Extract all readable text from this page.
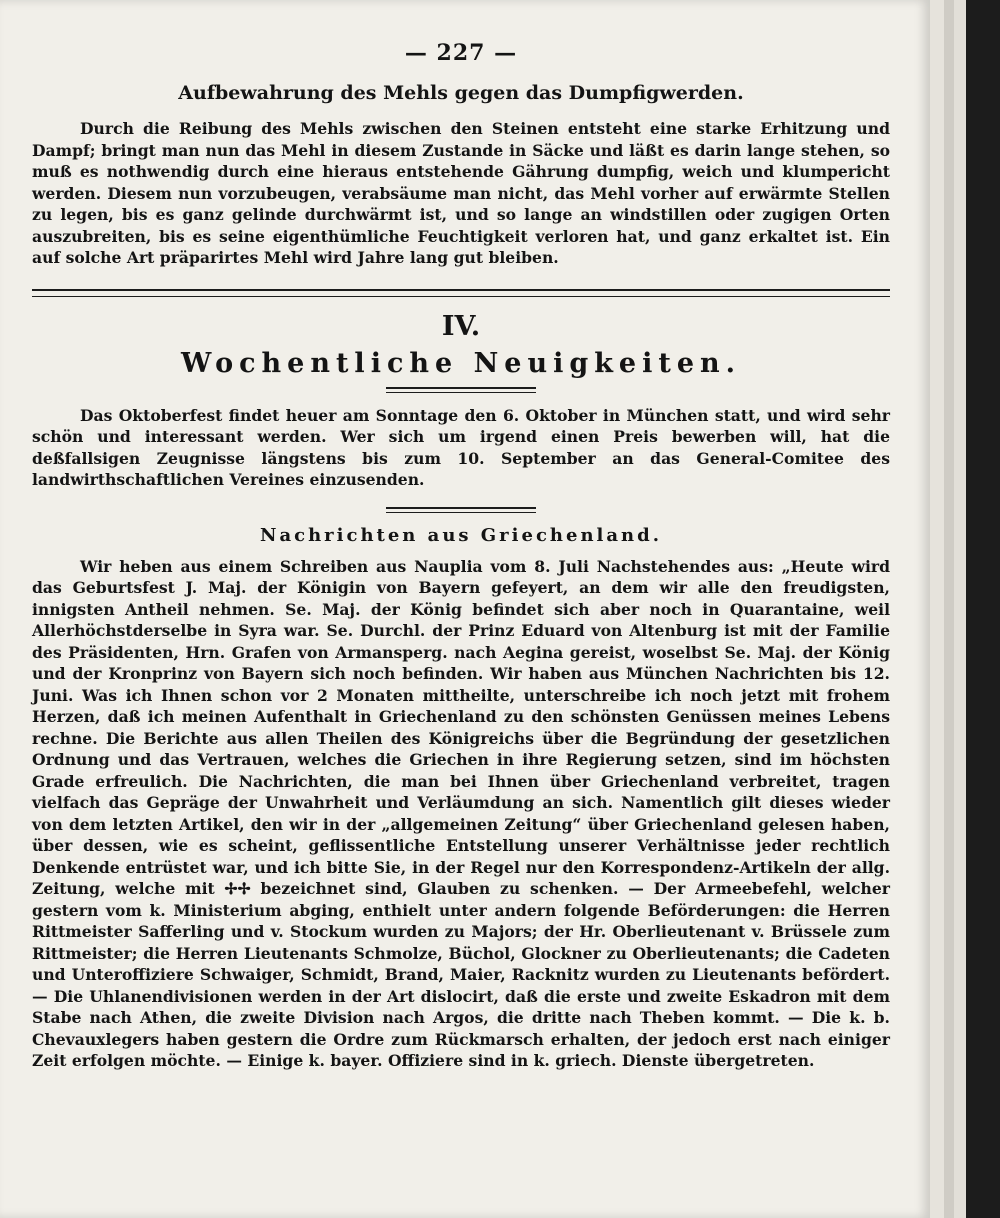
— 227 —
Aufbewahrung des Mehls gegen das Dumpfigwerden.

Durch die Reibung des Mehls zwischen den Steinen entsteht eine starke Erhitzung und Dampf; bringt man nun das Mehl in diesem Zustande in Säcke und läßt es darin lange stehen, so muß es nothwendig durch eine hieraus entstehende Gährung dumpfig, weich und klumpericht werden. Diesem nun vorzubeugen, verabsäume man nicht, das Mehl vorher auf erwärmte Stellen zu legen, bis es ganz gelinde durchwärmt ist, und so lange an windstillen oder zugigen Orten auszubreiten, bis es seine eigenthümliche Feuchtigkeit verloren hat, und ganz erkaltet ist. Ein auf solche Art präparirtes Mehl wird Jahre lang gut bleiben.

IV.
Wochentliche Neuigkeiten.

Das Oktoberfest findet heuer am Sonntage den 6. Oktober in München statt, und wird sehr schön und interessant werden. Wer sich um irgend einen Preis bewerben will, hat die deßfallsigen Zeugnisse längstens bis zum 10. September an das General-Comitee des landwirthschaftlichen Vereines einzusenden.

Nachrichten aus Griechenland.

Wir heben aus einem Schreiben aus Nauplia vom 8. Juli Nachstehendes aus: „Heute wird das Geburtsfest J. Maj. der Königin von Bayern gefeyert, an dem wir alle den freudigsten, innigsten Antheil nehmen. Se. Maj. der König befindet sich aber noch in Quarantaine, weil Allerhöchstderselbe in Syra war. Se. Durchl. der Prinz Eduard von Altenburg ist mit der Familie des Präsidenten, Hrn. Grafen von Armansperg. nach Aegina gereist, woselbst Se. Maj. der König und der Kronprinz von Bayern sich noch befinden. Wir haben aus München Nachrichten bis 12. Juni. Was ich Ihnen schon vor 2 Monaten mittheilte, unterschreibe ich noch jetzt mit frohem Herzen, daß ich meinen Aufenthalt in Griechenland zu den schönsten Genüssen meines Lebens rechne. Die Berichte aus allen Theilen des Königreichs über die Begründung der gesetzlichen Ordnung und das Vertrauen, welches die Griechen in ihre Regierung setzen, sind im höchsten Grade erfreulich. Die Nachrichten, die man bei Ihnen über Griechenland verbreitet, tragen vielfach das Gepräge der Unwahrheit und Verläumdung an sich. Namentlich gilt dieses wieder von dem letzten Artikel, den wir in der „allgemeinen Zeitung“ über Griechenland gelesen haben, über dessen, wie es scheint, geflissentliche Entstellung unserer Verhältnisse jeder rechtlich Denkende entrüstet war, und ich bitte Sie, in der Regel nur den Korrespondenz-Artikeln der allg. Zeitung, welche mit ✢✢ bezeichnet sind, Glauben zu schenken. — Der Armeebefehl, welcher gestern vom k. Ministerium abging, enthielt unter andern folgende Beförderungen: die Herren Rittmeister Safferling und v. Stockum wurden zu Majors; der Hr. Oberlieutenant v. Brüssele zum Rittmeister; die Herren Lieutenants Schmolze, Büchol, Glockner zu Oberlieutenants; die Cadeten und Unteroffiziere Schwaiger, Schmidt, Brand, Maier, Racknitz wurden zu Lieutenants befördert. — Die Uhlanendivisionen werden in der Art dislocirt, daß die erste und zweite Eskadron mit dem Stabe nach Athen, die zweite Division nach Argos, die dritte nach Theben kommt. — Die k. b. Chevauxlegers haben gestern die Ordre zum Rückmarsch erhalten, der jedoch erst nach einiger Zeit erfolgen möchte. — Einige k. bayer. Offiziere sind in k. griech. Dienste übergetreten.
